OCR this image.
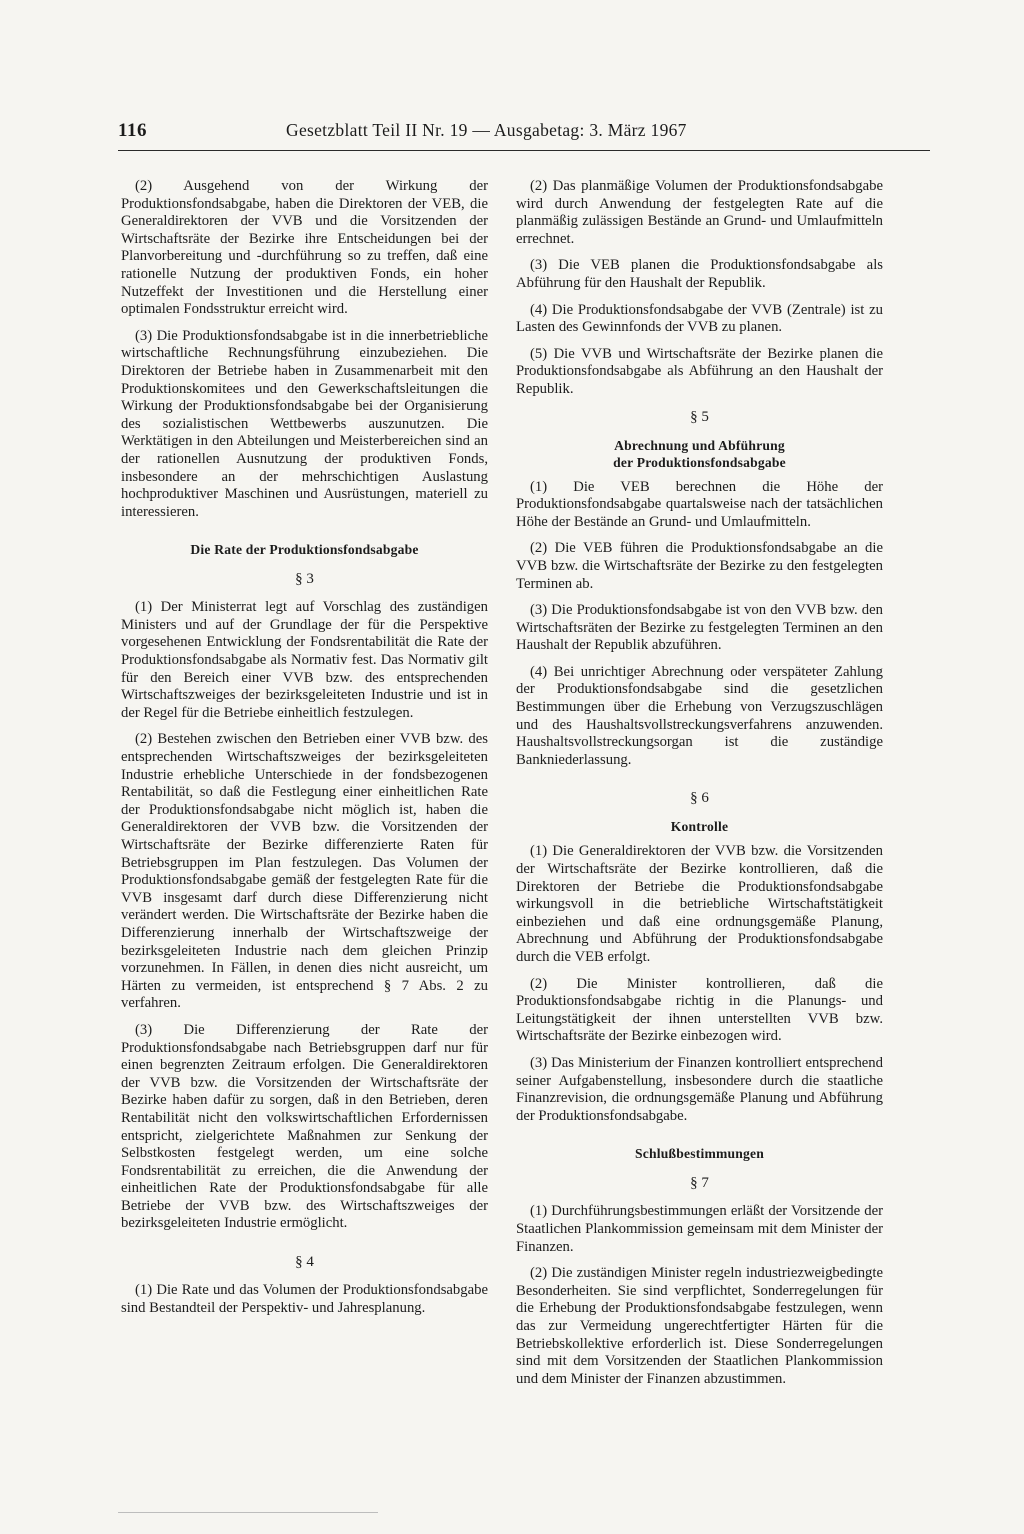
116	Gesetzblatt Teil II Nr. 19 — Ausgabetag: 3. März 1967

(2) Ausgehend von der Wirkung der Produktionsfondsabgabe, haben die Direktoren der VEB, die Generaldirektoren der VVB und die Vorsitzenden der Wirtschaftsräte der Bezirke ihre Entscheidungen bei der Planvorbereitung und -durchführung so zu treffen, daß eine rationelle Nutzung der produktiven Fonds, ein hoher Nutzeffekt der Investitionen und die Herstellung einer optimalen Fondsstruktur erreicht wird.

(3) Die Produktionsfondsabgabe ist in die innerbetriebliche wirtschaftliche Rechnungsführung einzubeziehen. Die Direktoren der Betriebe haben in Zusammenarbeit mit den Produktionskomitees und den Gewerkschaftsleitungen die Wirkung der Produktionsfondsabgabe bei der Organisierung des sozialistischen Wettbewerbs auszunutzen. Die Werktätigen in den Abteilungen und Meisterbereichen sind an der rationellen Ausnutzung der produktiven Fonds, insbesondere an der mehrschichtigen Auslastung hochproduktiver Maschinen und Ausrüstungen, materiell zu interessieren.

Die Rate der Produktionsfondsabgabe
§ 3

(1) Der Ministerrat legt auf Vorschlag des zuständigen Ministers und auf der Grundlage der für die Perspektive vorgesehenen Entwicklung der Fondsrentabilität die Rate der Produktionsfondsabgabe als Normativ fest. Das Normativ gilt für den Bereich einer VVB bzw. des entsprechenden Wirtschaftszweiges der bezirksgeleiteten Industrie und ist in der Regel für die Betriebe einheitlich festzulegen.

(2) Bestehen zwischen den Betrieben einer VVB bzw. des entsprechenden Wirtschaftszweiges der bezirksgeleiteten Industrie erhebliche Unterschiede in der fondsbezogenen Rentabilität, so daß die Festlegung einer einheitlichen Rate der Produktionsfondsabgabe nicht möglich ist, haben die Generaldirektoren der VVB bzw. die Vorsitzenden der Wirtschaftsräte der Bezirke differenzierte Raten für Betriebsgruppen im Plan festzulegen. Das Volumen der Produktionsfondsabgabe gemäß der festgelegten Rate für die VVB insgesamt darf durch diese Differenzierung nicht verändert werden. Die Wirtschaftsräte der Bezirke haben die Differenzierung innerhalb der Wirtschaftszweige der bezirksgeleiteten Industrie nach dem gleichen Prinzip vorzunehmen. In Fällen, in denen dies nicht ausreicht, um Härten zu vermeiden, ist entsprechend § 7 Abs. 2 zu verfahren.

(3) Die Differenzierung der Rate der Produktionsfondsabgabe nach Betriebsgruppen darf nur für einen begrenzten Zeitraum erfolgen. Die Generaldirektoren der VVB bzw. die Vorsitzenden der Wirtschaftsräte der Bezirke haben dafür zu sorgen, daß in den Betrieben, deren Rentabilität nicht den volkswirtschaftlichen Erfordernissen entspricht, zielgerichtete Maßnahmen zur Senkung der Selbstkosten festgelegt werden, um eine solche Fondsrentabilität zu erreichen, die die Anwendung der einheitlichen Rate der Produktionsfondsabgabe für alle Betriebe der VVB bzw. des Wirtschaftszweiges der bezirksgeleiteten Industrie ermöglicht.

§ 4

(1) Die Rate und das Volumen der Produktionsfondsabgabe sind Bestandteil der Perspektiv- und Jahresplanung.

(2) Das planmäßige Volumen der Produktionsfondsabgabe wird durch Anwendung der festgelegten Rate auf die planmäßig zulässigen Bestände an Grund- und Umlaufmitteln errechnet.

(3) Die VEB planen die Produktionsfondsabgabe als Abführung für den Haushalt der Republik.

(4) Die Produktionsfondsabgabe der VVB (Zentrale) ist zu Lasten des Gewinnfonds der VVB zu planen.

(5) Die VVB und Wirtschaftsräte der Bezirke planen die Produktionsfondsabgabe als Abführung an den Haushalt der Republik.

§ 5
Abrechnung und Abführung
der Produktionsfondsabgabe

(1) Die VEB berechnen die Höhe der Produktionsfondsabgabe quartalsweise nach der tatsächlichen Höhe der Bestände an Grund- und Umlaufmitteln.

(2) Die VEB führen die Produktionsfondsabgabe an die VVB bzw. die Wirtschaftsräte der Bezirke zu den festgelegten Terminen ab.

(3) Die Produktionsfondsabgabe ist von den VVB bzw. den Wirtschaftsräten der Bezirke zu festgelegten Terminen an den Haushalt der Republik abzuführen.

(4) Bei unrichtiger Abrechnung oder verspäteter Zahlung der Produktionsfondsabgabe sind die gesetzlichen Bestimmungen über die Erhebung von Verzugszuschlägen und des Haushaltsvollstreckungsverfahrens anzuwenden. Haushaltsvollstreckungsorgan ist die zuständige Bankniederlassung.

§ 6
Kontrolle

(1) Die Generaldirektoren der VVB bzw. die Vorsitzenden der Wirtschaftsräte der Bezirke kontrollieren, daß die Direktoren der Betriebe die Produktionsfondsabgabe wirkungsvoll in die betriebliche Wirtschaftstätigkeit einbeziehen und daß eine ordnungsgemäße Planung, Abrechnung und Abführung der Produktionsfondsabgabe durch die VEB erfolgt.

(2) Die Minister kontrollieren, daß die Produktionsfondsabgabe richtig in die Planungs- und Leitungstätigkeit der ihnen unterstellten VVB bzw. Wirtschaftsräte der Bezirke einbezogen wird.

(3) Das Ministerium der Finanzen kontrolliert entsprechend seiner Aufgabenstellung, insbesondere durch die staatliche Finanzrevision, die ordnungsgemäße Planung und Abführung der Produktionsfondsabgabe.

Schlußbestimmungen
§ 7

(1) Durchführungsbestimmungen erläßt der Vorsitzende der Staatlichen Plankommission gemeinsam mit dem Minister der Finanzen.

(2) Die zuständigen Minister regeln industriezweigbedingte Besonderheiten. Sie sind verpflichtet, Sonderregelungen für die Erhebung der Produktionsfondsabgabe festzulegen, wenn das zur Vermeidung ungerechtfertigter Härten für die Betriebskollektive erforderlich ist. Diese Sonderregelungen sind mit dem Vorsitzenden der Staatlichen Plankommission und dem Minister der Finanzen abzustimmen.
